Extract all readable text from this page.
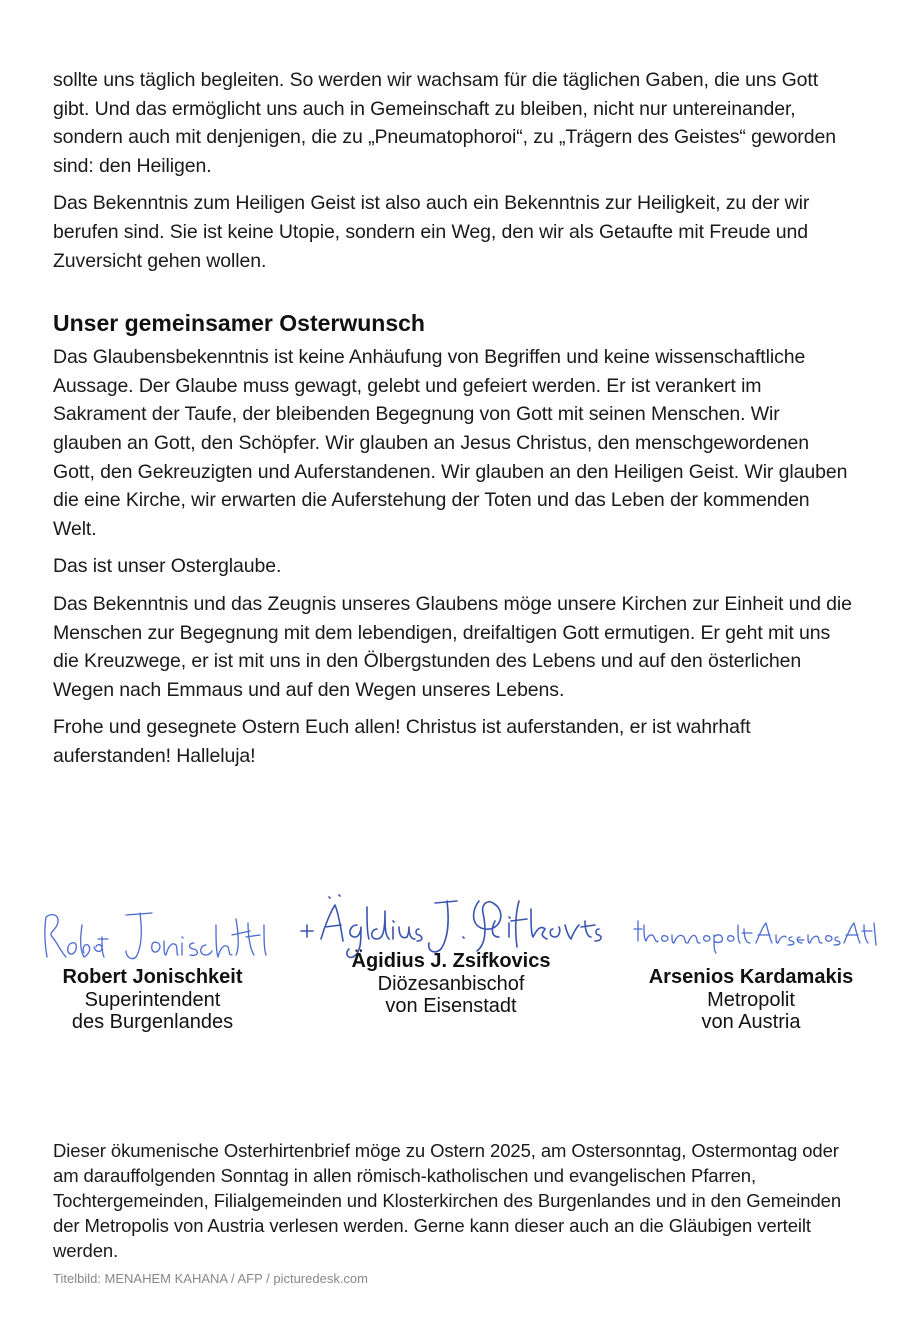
sollte uns täglich begleiten. So werden wir wachsam für die täglichen Gaben, die uns Gott gibt. Und das ermöglicht uns auch in Gemeinschaft zu bleiben, nicht nur untereinander, sondern auch mit denjenigen, die zu „Pneumatophoroi“, zu „Trägern des Geistes“ geworden sind: den Heiligen.

Das Bekenntnis zum Heiligen Geist ist also auch ein Bekenntnis zur Heiligkeit, zu der wir berufen sind. Sie ist keine Utopie, sondern ein Weg, den wir als Getaufte mit Freude und Zuversicht gehen wollen.

Unser gemeinsamer Osterwunsch

Das Glaubensbekenntnis ist keine Anhäufung von Begriffen und keine wissenschaftliche Aussage. Der Glaube muss gewagt, gelebt und gefeiert werden. Er ist verankert im Sakrament der Taufe, der bleibenden Begegnung von Gott mit seinen Menschen. Wir glauben an Gott, den Schöpfer. Wir glauben an Jesus Christus, den menschgewordenen Gott, den Gekreuzigten und Auferstandenen. Wir glauben an den Heiligen Geist. Wir glauben die eine Kirche, wir erwarten die Auferstehung der Toten und das Leben der kommenden Welt.

Das ist unser Osterglaube.

Das Bekenntnis und das Zeugnis unseres Glaubens möge unsere Kirchen zur Einheit und die Menschen zur Begegnung mit dem lebendigen, dreifaltigen Gott ermutigen. Er geht mit uns die Kreuzwege, er ist mit uns in den Ölbergstunden des Lebens und auf den österlichen Wegen nach Emmaus und auf den Wegen unseres Lebens.

Frohe und gesegnete Ostern Euch allen! Christus ist auferstanden, er ist wahrhaft auferstanden! Halleluja!

Robert Jonischkeit
Superintendent
des Burgenlandes
Ägidius J. Zsifkovics
Diözesanbischof
von Eisenstadt
Arsenios Kardamakis
Metropolit
von Austria

Dieser ökumenische Osterhirtenbrief möge zu Ostern 2025, am Ostersonntag, Ostermontag oder am darauffolgenden Sonntag in allen römisch-katholischen und evangelischen Pfarren, Tochtergemeinden, Filialgemeinden und Klosterkirchen des Burgenlandes und in den Gemeinden der Metropolis von Austria verlesen werden. Gerne kann dieser auch an die Gläubigen verteilt werden.

Titelbild: MENAHEM KAHANA / AFP / picturedesk.com
